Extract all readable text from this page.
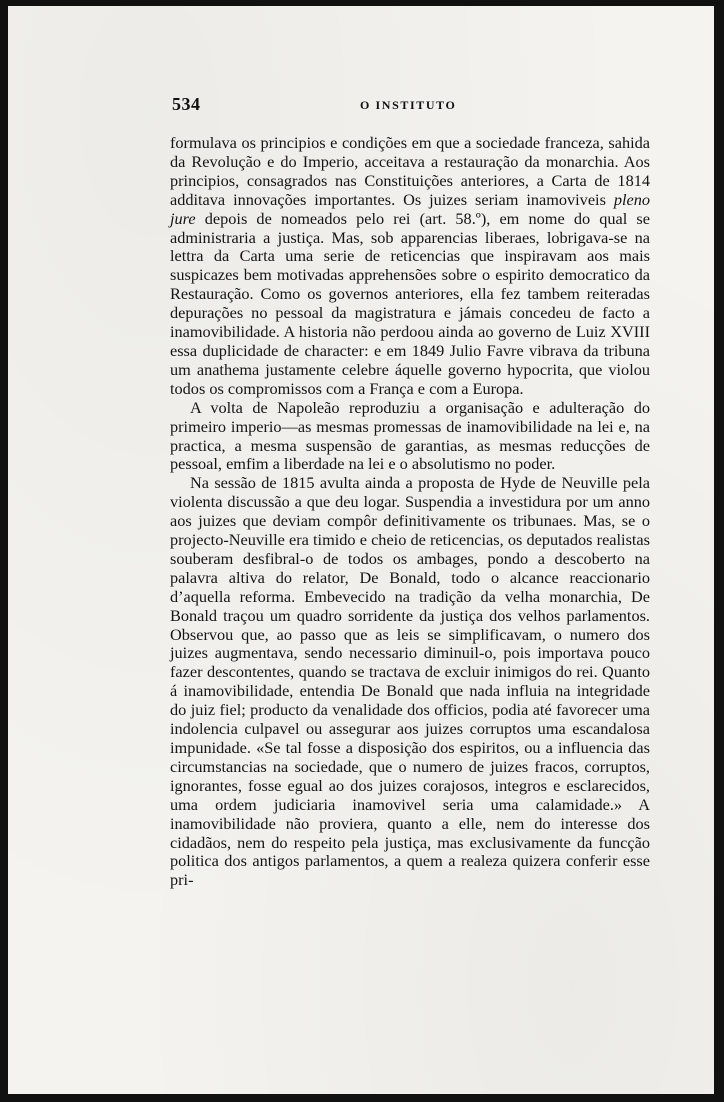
534	O INSTITUTO

formulava os principios e condições em que a sociedade franceza, sahida da Revolução e do Imperio, acceitava a restauração da monarchia. Aos principios, consagrados nas Constituições anteriores, a Carta de 1814 additava innovações importantes. Os juizes seriam inamoviveis pleno jure depois de nomeados pelo rei (art. 58.º), em nome do qual se administraria a justiça. Mas, sob apparencias liberaes, lobrigava-se na lettra da Carta uma serie de reticencias que inspiravam aos mais suspicazes bem motivadas apprehensões sobre o espirito democratico da Restauração. Como os governos anteriores, ella fez tambem reiteradas depurações no pessoal da magistratura e jámais concedeu de facto a inamovibilidade. A historia não perdoou ainda ao governo de Luiz XVIII essa duplicidade de character: e em 1849 Julio Favre vibrava da tribuna um anathema justamente celebre áquelle governo hypocrita, que violou todos os compromissos com a França e com a Europa.

A volta de Napoleão reproduziu a organisação e adulteração do primeiro imperio—as mesmas promessas de inamovibilidade na lei e, na practica, a mesma suspensão de garantias, as mesmas reducções de pessoal, emfim a liberdade na lei e o absolutismo no poder.

Na sessão de 1815 avulta ainda a proposta de Hyde de Neuville pela violenta discussão a que deu logar. Suspendia a investidura por um anno aos juizes que deviam compôr definitivamente os tribunaes. Mas, se o projecto-Neuville era timido e cheio de reticencias, os deputados realistas souberam desfibral-o de todos os ambages, pondo a descoberto na palavra altiva do relator, De Bonald, todo o alcance reaccionario d’aquella reforma. Embevecido na tradição da velha monarchia, De Bonald traçou um quadro sorridente da justiça dos velhos parlamentos. Observou que, ao passo que as leis se simplificavam, o numero dos juizes augmentava, sendo necessario diminuil-o, pois importava pouco fazer descontentes, quando se tractava de excluir inimigos do rei. Quanto á inamovibilidade, entendia De Bonald que nada influia na integridade do juiz fiel; producto da venalidade dos officios, podia até favorecer uma indolencia culpavel ou assegurar aos juizes corruptos uma escandalosa impunidade. «Se tal fosse a disposição dos espiritos, ou a influencia das circumstancias na sociedade, que o numero de juizes fracos, corruptos, ignorantes, fosse egual ao dos juizes corajosos, integros e esclarecidos, uma ordem judiciaria inamovivel seria uma calamidade.» A inamovibilidade não proviera, quanto a elle, nem do interesse dos cidadãos, nem do respeito pela justiça, mas exclusivamente da funcção politica dos antigos parlamentos, a quem a realeza quizera conferir esse pri-
